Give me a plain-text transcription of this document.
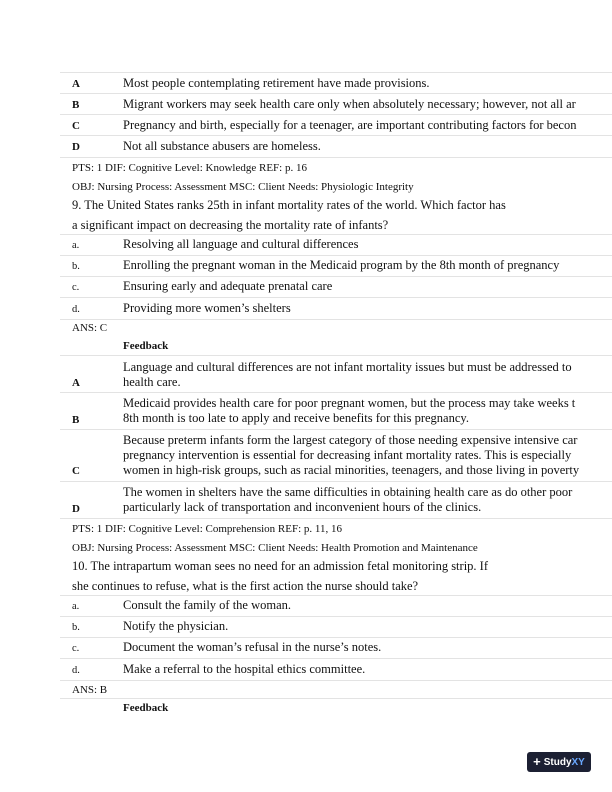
A	Most people contemplating retirement have made provisions.
B	Migrant workers may seek health care only when absolutely necessary; however, not all ar
C	Pregnancy and birth, especially for a teenager, are important contributing factors for becon
D	Not all substance abusers are homeless.
PTS: 1 DIF: Cognitive Level: Knowledge REF: p. 16
OBJ: Nursing Process: Assessment MSC: Client Needs: Physiologic Integrity
9. The United States ranks 25th in infant mortality rates of the world. Which factor has
a significant impact on decreasing the mortality rate of infants?
a.	Resolving all language and cultural differences
b.	Enrolling the pregnant woman in the Medicaid program by the 8th month of pregnancy
c.	Ensuring early and adequate prenatal care
d.	Providing more women’s shelters
ANS: C
Feedback
A
Language and cultural differences are not infant mortality issues but must be addressed to
health care.
B
Medicaid provides health care for poor pregnant women, but the process may take weeks t
8th month is too late to apply and receive benefits for this pregnancy.
C
Because preterm infants form the largest category of those needing expensive intensive car
pregnancy intervention is essential for decreasing infant mortality rates. This is especially
women in high-risk groups, such as racial minorities, teenagers, and those living in poverty
D
The women in shelters have the same difficulties in obtaining health care as do other poor
particularly lack of transportation and inconvenient hours of the clinics.
PTS: 1 DIF: Cognitive Level: Comprehension REF: p. 11, 16
OBJ: Nursing Process: Assessment MSC: Client Needs: Health Promotion and Maintenance
10. The intrapartum woman sees no need for an admission fetal monitoring strip. If
she continues to refuse, what is the first action the nurse should take?
a.	Consult the family of the woman.
b.	Notify the physician.
c.	Document the woman’s refusal in the nurse’s notes.
d.	Make a referral to the hospital ethics committee.
ANS: B
Feedback
+ Study XY
